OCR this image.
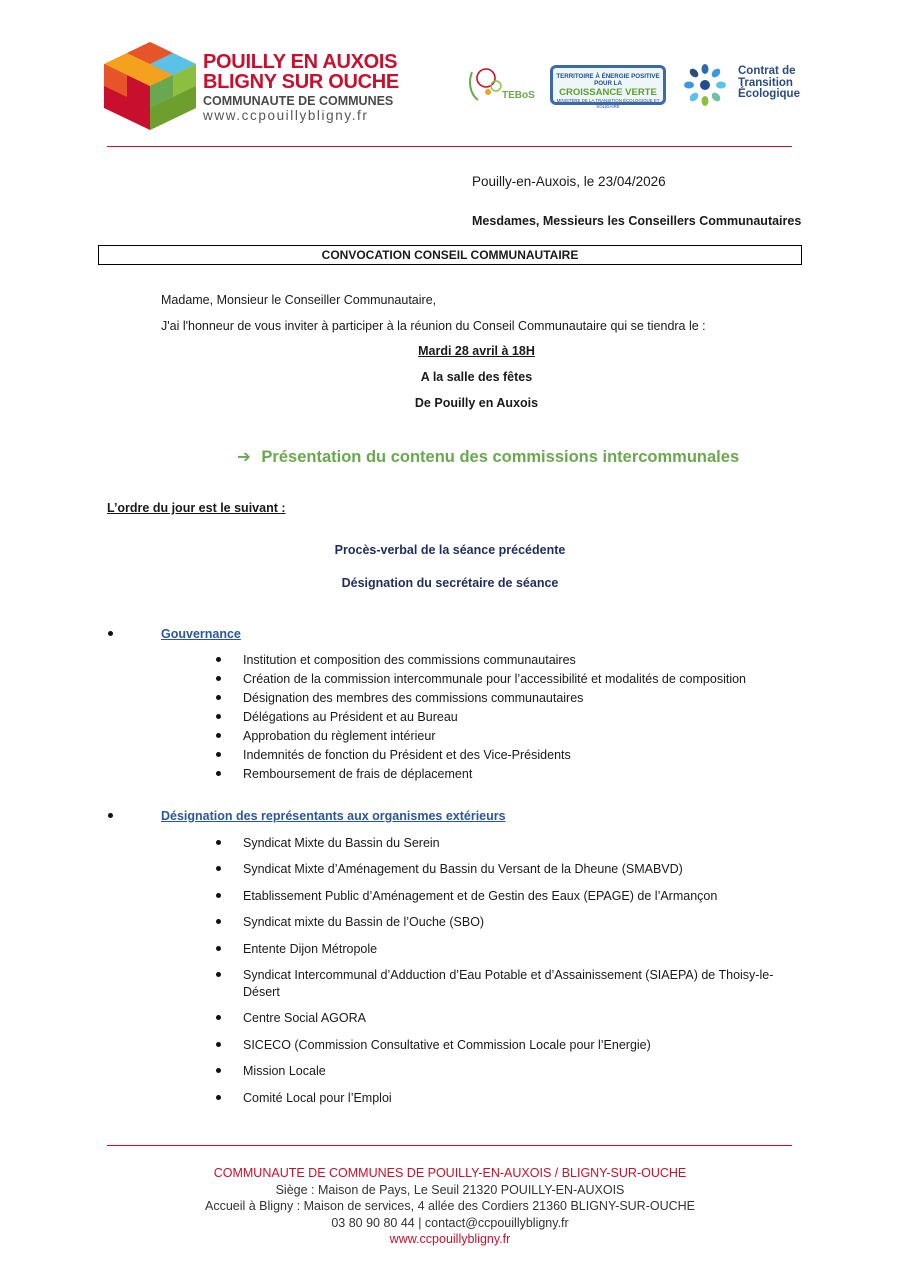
POUILLY EN AUXOIS
BLIGNY SUR OUCHE
COMMUNAUTE DE COMMUNES
www.ccpouillybligny.fr
TEBoS
TERRITOIRE À ÉNERGIE POSITIVE POUR LA
CROISSANCE VERTE
MINISTÈRE DE LA TRANSITION ÉCOLOGIQUE ET SOLIDAIRE
Contrat de
Transition
Écologique
Pouilly-en-Auxois, le 23/04/2026
Mesdames, Messieurs les Conseillers Communautaires
CONVOCATION CONSEIL COMMUNAUTAIRE
Madame, Monsieur le Conseiller Communautaire,
J'ai l'honneur de vous inviter à participer à la réunion du Conseil Communautaire qui se tiendra le :
Mardi 28 avril à 18H
A la salle des fêtes
De Pouilly en Auxois
➔ Présentation du contenu des commissions intercommunales
L’ordre du jour est le suivant :
Procès-verbal de la séance précédente
Désignation du secrétaire de séance
Gouvernance
Institution et composition des commissions communautaires
Création de la commission intercommunale pour l’accessibilité et modalités de composition
Désignation des membres des commissions communautaires
Délégations au Président et au Bureau
Approbation du règlement intérieur
Indemnités de fonction du Président et des Vice-Présidents
Remboursement de frais de déplacement
Désignation des représentants aux organismes extérieurs
Syndicat Mixte du Bassin du Serein
Syndicat Mixte d’Aménagement du Bassin du Versant de la Dheune (SMABVD)
Etablissement Public d’Aménagement et de Gestin des Eaux (EPAGE) de l’Armançon
Syndicat mixte du Bassin de l’Ouche (SBO)
Entente Dijon Métropole
Syndicat Intercommunal d’Adduction d’Eau Potable et d’Assainissement (SIAEPA) de Thoisy-le-
Désert
Centre Social AGORA
SICECO (Commission Consultative et Commission Locale pour l’Energie)
Mission Locale
Comité Local pour l’Emploi
COMMUNAUTE DE COMMUNES DE POUILLY-EN-AUXOIS / BLIGNY-SUR-OUCHE
Siège : Maison de Pays, Le Seuil 21320 POUILLY-EN-AUXOIS
Accueil à Bligny : Maison de services, 4 allée des Cordiers 21360 BLIGNY-SUR-OUCHE
03 80 90 80 44 | contact@ccpouillybligny.fr
www.ccpouillybligny.fr
